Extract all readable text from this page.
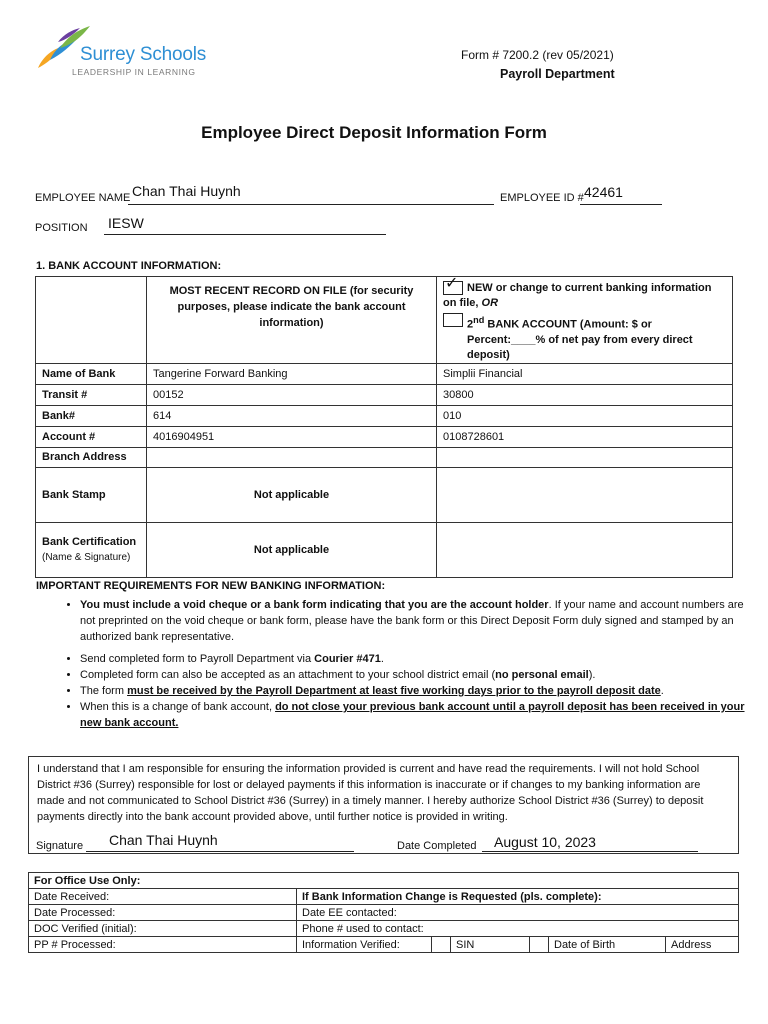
Surrey Schools
LEADERSHIP IN LEARNING
Form # 7200.2 (rev 05/2021)
Payroll Department
Employee Direct Deposit Information Form
EMPLOYEE NAME Chan Thai Huynh	EMPLOYEE ID # 42461
POSITION IESW
1. BANK ACCOUNT INFORMATION:

	MOST RECENT RECORD ON FILE (for security purposes, please indicate the bank account information)	✓ NEW or change to current banking information on file, OR
2nd BANK ACCOUNT (Amount: $ or
Percent:____% of net pay from every direct deposit)

Name of Bank	Tangerine Forward Banking	Simplii Financial
Transit #	00152	30800
Bank#	614	010
Account #	4016904951	0108728601
Branch Address		
Bank Stamp	Not applicable	

Bank Certification
(Name & Signature)	Not applicable	
IMPORTANT REQUIREMENTS FOR NEW BANKING INFORMATION:
• You must include a void cheque or a bank form indicating that you are the account holder. If your name and account numbers are not preprinted on the void cheque or bank form, please have the bank form or this Direct Deposit Form duly signed and stamped by an authorized bank representative.
• Send completed form to Payroll Department via Courier #471.
• Completed form can also be accepted as an attachment to your school district email (no personal email).
• The form must be received by the Payroll Department at least five working days prior to the payroll deposit date.
• When this is a change of bank account, do not close your previous bank account until a payroll deposit has been received in your new bank account.
I understand that I am responsible for ensuring the information provided is current and have read the requirements. I will not hold School District #36 (Surrey) responsible for lost or delayed payments if this information is inaccurate or if changes to my banking information are made and not communicated to School District #36 (Surrey) in a timely manner. I hereby authorize School District #36 (Surrey) to deposit payments directly into the bank account provided above, until further notice is provided in writing.
Signature Chan Thai Huynh	Date Completed August 10, 2023
For Office Use Only:						
Date Received:	If Bank Information Change is Requested (pls. complete):					
Date Processed:	Date EE contacted:					
DOC Verified (initial):	Phone # used to contact:					
PP # Processed:	Information Verified:		SIN		Date of Birth	Address
